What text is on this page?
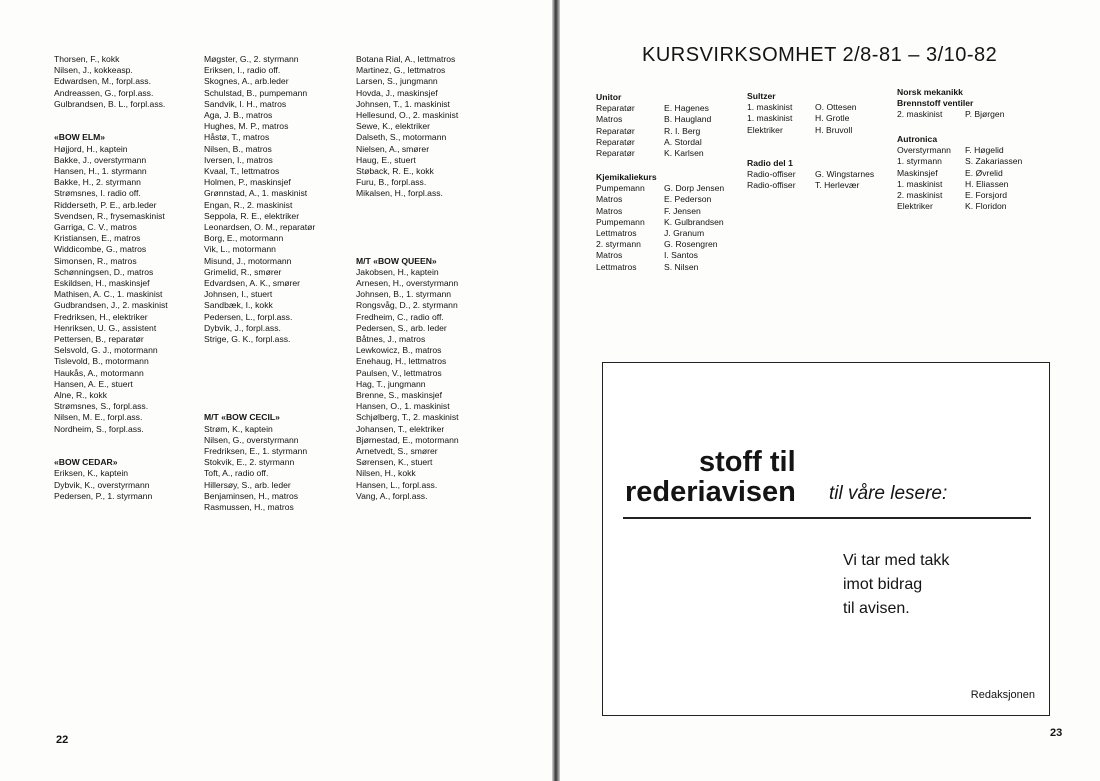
Thorsen, F., kokk
Nilsen, J., kokkeasp.
Edwardsen, M., forpl.ass.
Andreassen, G., forpl.ass.
Gulbrandsen, B. L., forpl.ass.
«BOW ELM»
Højjord, H., kaptein
Bakke, J., overstyrmann
Hansen, H., 1. styrmann
Bakke, H., 2. styrmann
Strømsnes, I. radio off.
Ridderseth, P. E., arb.leder
Svendsen, R., frysemaskinist
Garriga, C. V., matros
Kristiansen, E., matros
Widdicombe, G., matros
Simonsen, R., matros
Schønningsen, D., matros
Eskildsen, H., maskinsjef
Mathisen, A. C., 1. maskinist
Gudbrandsen, J., 2. maskinist
Fredriksen, H., elektriker
Henriksen, U. G., assistent
Pettersen, B., reparatør
Selsvold, G. J., motormann
Tislevold, B., motormann
Haukås, A., motormann
Hansen, A. E., stuert
Alne, R., kokk
Strømsnes, S., forpl.ass.
Nilsen, M. E., forpl.ass.
Nordheim, S., forpl.ass.
«BOW CEDAR»
Eriksen, K., kaptein
Dybvik, K., overstyrmann
Pedersen, P., 1. styrmann
Møgster, G., 2. styrmann
Eriksen, I., radio off.
Skognes, A., arb.leder
Schulstad, B., pumpemann
Sandvik, I. H., matros
Aga, J. B., matros
Hughes, M. P., matros
Håstø, T., matros
Nilsen, B., matros
Iversen, I., matros
Kvaal, T., lettmatros
Holmen, P., maskinsjef
Grønnstad, A., 1. maskinist
Engan, R., 2. maskinist
Seppola, R. E., elektriker
Leonardsen, O. M., reparatør
Borg, E., motormann
Vik, L., motormann
Misund, J., motormann
Grimelid, R., smører
Edvardsen, A. K., smører
Johnsen, I., stuert
Sandbæk, I., kokk
Pedersen, L., forpl.ass.
Dybvik, J., forpl.ass.
Strige, G. K., forpl.ass.
M/T «BOW CECIL»
Strøm, K., kaptein
Nilsen, G., overstyrmann
Fredriksen, E., 1. styrmann
Stokvik, E., 2. styrmann
Toft, A., radio off.
Hillersøy, S., arb. leder
Benjaminsen, H., matros
Rasmussen, H., matros
Botana Rial, A., lettmatros
Martinez, G., lettmatros
Larsen, S., jungmann
Hovda, J., maskinsjef
Johnsen, T., 1. maskinist
Hellesund, O., 2. maskinist
Sewe, K., elektriker
Dalseth, S., motormann
Nielsen, A., smører
Haug, E., stuert
Støback, R. E., kokk
Furu, B., forpl.ass.
Mikalsen, H., forpl.ass.
M/T «BOW QUEEN»
Jakobsen, H., kaptein
Arnesen, H., overstyrmann
Johnsen, B., 1. styrmann
Rongsvåg, D., 2. styrmann
Fredheim, C., radio off.
Pedersen, S., arb. leder
Båtnes, J., matros
Lewkowicz, B., matros
Enehaug, H., lettmatros
Paulsen, V., lettmatros
Hag, T., jungmann
Brenne, S., maskinsjef
Hansen, O., 1. maskinist
Schjølberg, T., 2. maskinist
Johansen, T., elektriker
Bjørnestad, E., motormann
Arnetvedt, S., smører
Sørensen, K., stuert
Nilsen, H., kokk
Hansen, L., forpl.ass.
Vang, A., forpl.ass.
22
KURSVIRKSOMHET 2/8-81 – 3/10-82
Unitor
Reparatør	E. Hagenes
Matros	B. Haugland
Reparatør	R. I. Berg
Reparatør	A. Stordal
Reparatør	K. Karlsen
Kjemikaliekurs
Pumpemann	G. Dorp Jensen
Matros	E. Pederson
Matros	F. Jensen
Pumpemann	K. Gulbrandsen
Lettmatros	J. Granum
2. styrmann	G. Rosengren
Matros	I. Santos
Lettmatros	S. Nilsen
Sultzer
1. maskinist	O. Ottesen
1. maskinist	H. Grotle
Elektriker	H. Bruvoll
Radio del 1
Radio-offiser	G. Wingstarnes
Radio-offiser	T. Herlevær
Norsk mekanikk
Brennstoff ventiler
2. maskinist	P. Bjørgen
Autronica
Overstyrmann	F. Høgelid
1. styrmann	S. Zakariassen
Maskinsjef	E. Øvrelid
1. maskinist	H. Eliassen
2. maskinist	E. Forsjord
Elektriker	K. Floridon
stoff til
rederiavisen til våre lesere:
Vi tar med takk
imot bidrag
til avisen.
Redaksjonen
23
